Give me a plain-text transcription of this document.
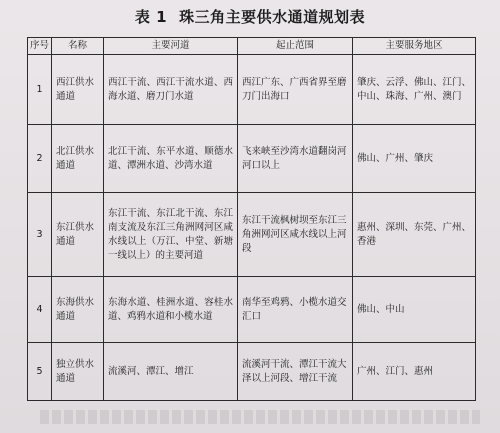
表 1 珠三角主要供水通道规划表
序号	名称	主要河道	起止范围	主要服务地区
1	西江供水通道	西江干流、西江干流水道、西海水道、磨刀门水道	西江广东、广西省界至磨刀门出海口	肇庆、云浮、佛山、江门、中山、珠海、广州、澳门
2	北江供水通道	北江干流、东平水道、顺德水道、潭洲水道、沙湾水道	飞来峡至沙湾水道翻岗河河口以上	佛山、广州、肇庆
3	东江供水通道	东江干流、东江北干流、东江南支流及东江三角洲网河区咸水线以上（万江、中堂、新塘一线以上）的主要河道	东江干流枫树坝至东江三角洲网河区咸水线以上河段	惠州、深圳、东莞、广州、香港
4	东海供水通道	东海水道、桂洲水道、容桂水道、鸡鸦水道和小榄水道	南华至鸡鸦、小榄水道交汇口	佛山、中山
5	独立供水通道	流溪河、潭江、增江	流溪河干流、潭江干流大泽以上河段、增江干流	广州、江门、惠州
